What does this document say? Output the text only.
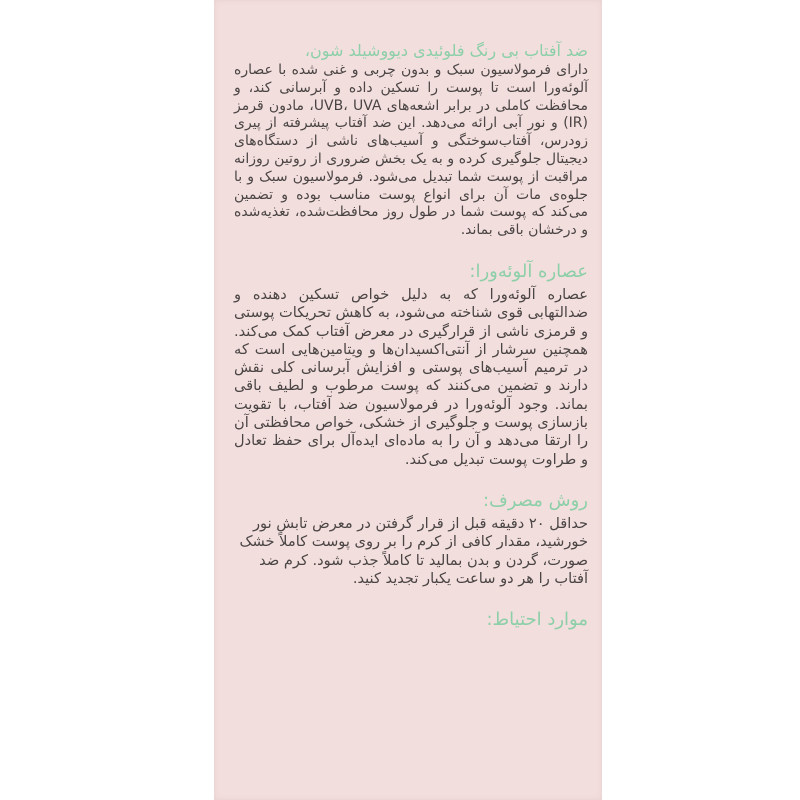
ضد آفتاب بی رنگ فلوئیدی دیووشیلد شون،

دارای فرمولاسیون سبک و بدون چربی و غنی شده با عصاره آلوئه‌ورا است تا پوست را تسکین داده و آبرسانی کند، و محافظت کاملی در برابر اشعه‌های UVB، UVA، مادون قرمز (IR) و نور آبی ارائه می‌دهد. این ضد آفتاب پیشرفته از پیری زودرس، آفتاب‌سوختگی و آسیب‌های ناشی از دستگاه‌های دیجیتال جلوگیری کرده و به یک بخش ضروری از روتین روزانه مراقبت از پوست شما تبدیل می‌شود. فرمولاسیون سبک و با جلوه‌ی مات آن برای انواع پوست مناسب بوده و تضمین می‌کند که پوست شما در طول روز محافظت‌شده، تغذیه‌شده و درخشان باقی بماند.

عصاره آلوئه‌ورا:

عصاره آلوئه‌ورا که به دلیل خواص تسکین دهنده و ضدالتهابی قوی شناخته می‌شود، به کاهش تحریکات پوستی و قرمزی ناشی از قرارگیری در معرض آفتاب کمک می‌کند. همچنین سرشار از آنتی‌اکسیدان‌ها و ویتامین‌هایی است که در ترمیم آسیب‌های پوستی و افزایش آبرسانی کلی نقش دارند و تضمین می‌کنند که پوست مرطوب و لطیف باقی بماند. وجود آلوئه‌ورا در فرمولاسیون ضد آفتاب، با تقویت بازسازی پوست و جلوگیری از خشکی، خواص محافظتی آن را ارتقا می‌دهد و آن را به ماده‌ای ایده‌آل برای حفظ تعادل و طراوت پوست تبدیل می‌کند.

روش مصرف:

حداقل ۲۰ دقیقه قبل از قرار گرفتن در معرض تابش نور خورشید، مقدار کافی از کرم را بر روی پوست کاملاً خشک صورت، گردن و بدن بمالید تا کاملاً جذب شود. کرم ضد آفتاب را هر دو ساعت یکبار تجدید کنید.

موارد احتیاط:
